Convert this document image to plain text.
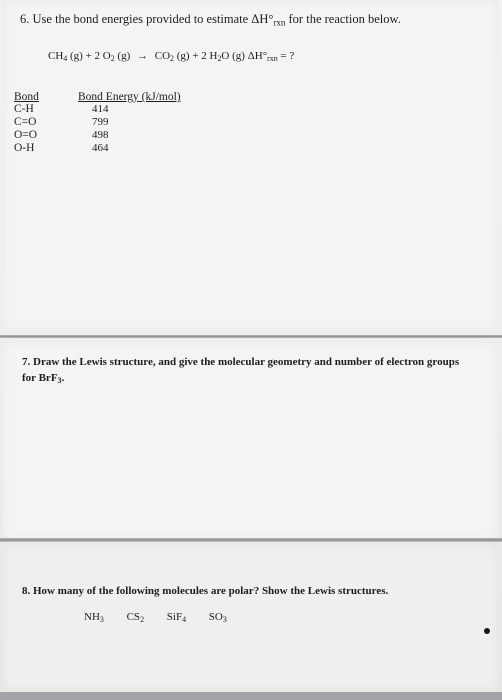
6. Use the bond energies provided to estimate $\Delta H^\circ_{rxn}$ for the reaction below.
$CH_4$ (g) + 2 $O_2$ $(g) \to CO_2$ (g) + 2 $H_2O$ (g) $\Delta H^\circ_{rxn}$ = ?
Bond	Bond Energy (kJ/mol)
C-H	414
C=O	799
O=O	498
O-H	464
7. Draw the Lewis structure, and give the molecular geometry and number of electron groups for BrF$_3$.
8. How many of the following molecules are polar? Show the Lewis structures.
$NH_3$ $CS_2$ SiF$_4$ $SO_3$
